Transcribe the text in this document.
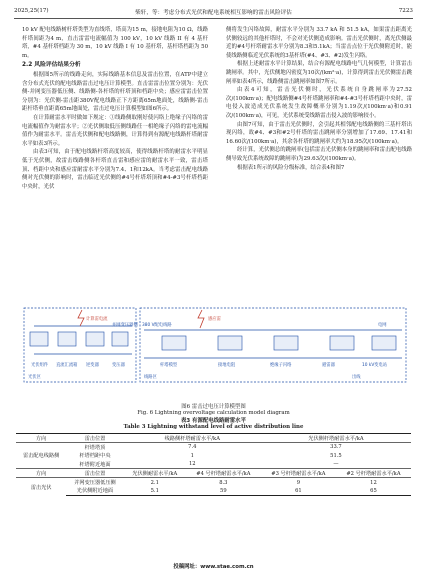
2025,25(17)	柴轩，等：考虑分布式光伏和配电系统相互影响的雷击风险评估	7223

10 kV 配电线路树杆塔类型为直线塔，塔高为15 m，接地电阻为10 Ω，线路杆塔间距为4 m，直击雷雷电流幅值为 100 kV，10 kV 线路 II 有 4 基杆塔，#4 基杆塔档距为 30 m，10 kV 线路 I 有 10 基杆塔，基杆塔档距为 50 m。

2.2 风险评估结果分析

根据图5所示的线路走向，实际线路基本信息及雷击位置，在ATP中建立含分布式光伏的配电线路雷击过电压计算模型。直击雷雷击位置分别为：光伏侧-并网变压器低压侧、线路侧-各杆塔的杆塔顶和档距中央；感应雷雷击位置分别为：光伏侧-雷击距380V配电线路正下方距离65m地面处，线路侧-雷击距杆塔垂直距离65m地面处，雷击过电压计算模型如图6所示。

在计算耐雷水平时做如下规定：①线路侧取刚好使闪络上绝缘子闪络的雷电流幅值作为耐雷水平；②光伏侧取低压侧线路任一相绝缘子闪络的雷电流幅值作为耐雷水平。雷击光伏侧和配电线路侧，计算得到有源配电线路杆塔耐雷水平如表3所示。

由表3可知，由于配电线路杆塔高度较高，使得线路杆塔的耐雷水平明显低于光伏侧，故雷击线路侧各杆塔直击雷和感应雷的耐雷水平一致，雷击塔顶、档距中央和感应雷耐雷水平分别为7.4、1和12kA。当考虑雷击配电线路侧对光伏侧的影响时，雷击临近光伏侧的#4号杆塔塔顶和#4-#3号杆塔档距中央时，光伏

侧将发生闪络故障，耐雷水平分别为 33.7 kA 和 51.5 kA，如果雷击距离光伏侧较远的其他杆塔时，不会对光伏侧造成影响。雷击光伏侧时，离光伏侧最近的#4号杆塔耐雷水平分别为8.3和5.1kA；当雷击点位于光伏侧附近时，能使线路侧临近光伏系统的3基杆塔(#4、#3、#2)发生闪络。

根据上述耐雷水平计算结果，结合有源配电线路电气几何模型，计算雷击跳闸率。其中，光伏侧地闪密度为10次/(km²·a)，计算得到雷击光伏侧雷击跳闸率如表4所示，线路侧雷击跳闸率如图7所示。

由表4可知，雷击光伏侧时，光伏系统自身跳闸率为27.52次/(100km·a)；配电线路侧#4号杆塔跳闸率和#4-#3号杆塔档距中央时，雷电侵入波造成光伏系统发生故障概率分别为1.19次/(100km·a)和0.91次/(100km·a)，可见，光伏系统受线路雷击侵入波的影响较小。

由图7可知，由于雷击光伏侧时，会引起其相邻配电线路侧的三基杆塔出现闪络，故#4、#3和#2号杆塔的雷击跳闸率分别增加了17.69、17.41和16.60次/(100km·a)，其余各杆塔的跳闸率大约为18.95次/(100km·a)。

经计算，光伏侧总的跳闸率(包括雷击光伏侧本身的跳闸率和雷击配电线路侧导致光伏系统故障的跳闸率)为29.63次/(100km·a)。

根据表1所示的风险分级标准，结合表4和图7

光伏区	线路区
光伏组件 直流汇流箱 逆变器	变压器
计算雷电流	感应雷
杆塔模型	接地电阻	绝缘子闪络	避雷器	10 kV变电站
380 V配电线路
并网变压器侧	电网
出线
图6 雷击过电压计算模型图
Fig. 6 Lightning overvoltage calculation model diagram
表3 有源配电线路耐雷水平
Table 3 Lightning withstand level of active distribution line
方向	雷击位置	线路侧杆塔耐雷水平/kA		光伏侧杆塔耐雷水平/kA	
雷击配电线路侧	杆塔塔顶	7.4		33.7	
	杆塔档距中央	1		51.5	
	杆塔附近地面	12		—	
方向	雷击位置	光伏侧耐雷水平/kA	#4 号杆塔耐雷水平/kA	#3 号杆塔耐雷水平/kA	#2 号杆塔耐雷水平/kA
雷击光伏	并网变压器低压侧	2.1	8.3	9	12
	光伏侧附近地面	5.1	59	61	65
投稿网址：www.stae.com.cn
